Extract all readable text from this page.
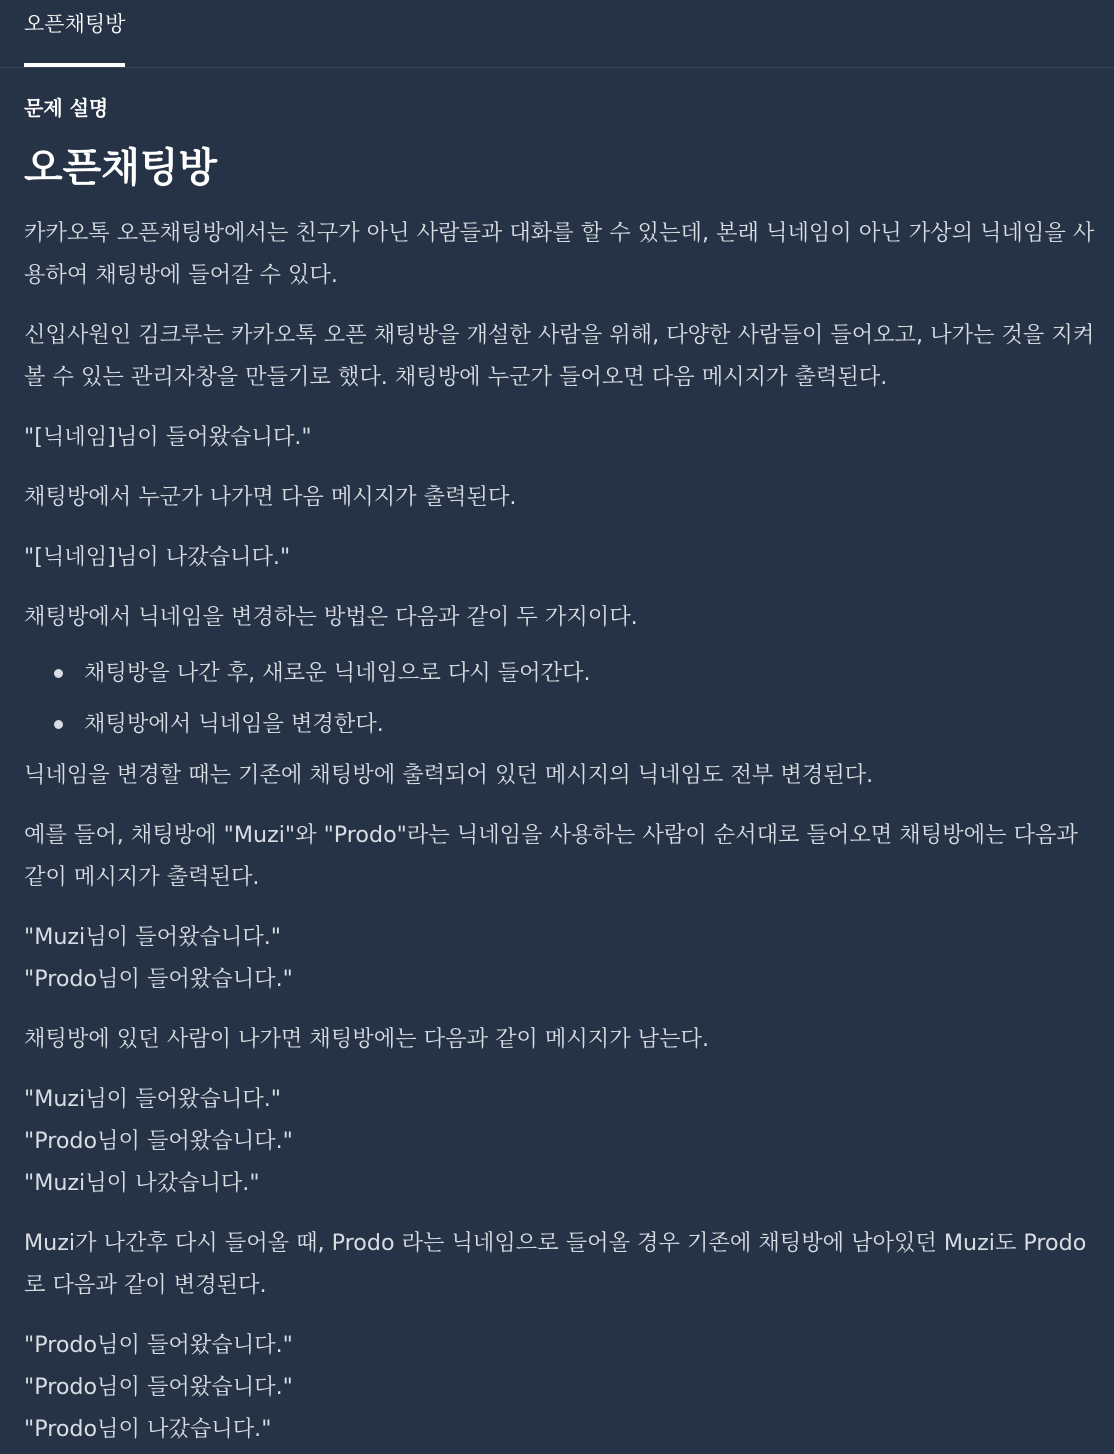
오픈채팅방
문제 설명
오픈채팅방

카카오톡 오픈채팅방에서는 친구가 아닌 사람들과 대화를 할 수 있는데, 본래 닉네임이 아닌 가상의 닉네임을 사용하여 채팅방에 들어갈 수 있다.

신입사원인 김크루는 카카오톡 오픈 채팅방을 개설한 사람을 위해, 다양한 사람들이 들어오고, 나가는 것을 지켜볼 수 있는 관리자창을 만들기로 했다. 채팅방에 누군가 들어오면 다음 메시지가 출력된다.

"[닉네임]님이 들어왔습니다."

채팅방에서 누군가 나가면 다음 메시지가 출력된다.

"[닉네임]님이 나갔습니다."

채팅방에서 닉네임을 변경하는 방법은 다음과 같이 두 가지이다.

채팅방을 나간 후, 새로운 닉네임으로 다시 들어간다.
채팅방에서 닉네임을 변경한다.

닉네임을 변경할 때는 기존에 채팅방에 출력되어 있던 메시지의 닉네임도 전부 변경된다.

예를 들어, 채팅방에 "Muzi"와 "Prodo"라는 닉네임을 사용하는 사람이 순서대로 들어오면 채팅방에는 다음과 같이 메시지가 출력된다.

"Muzi님이 들어왔습니다."
"Prodo님이 들어왔습니다."

채팅방에 있던 사람이 나가면 채팅방에는 다음과 같이 메시지가 남는다.

"Muzi님이 들어왔습니다."
"Prodo님이 들어왔습니다."
"Muzi님이 나갔습니다."

Muzi가 나간후 다시 들어올 때, Prodo 라는 닉네임으로 들어올 경우 기존에 채팅방에 남아있던 Muzi도 Prodo로 다음과 같이 변경된다.

"Prodo님이 들어왔습니다."
"Prodo님이 들어왔습니다."
"Prodo님이 나갔습니다."
